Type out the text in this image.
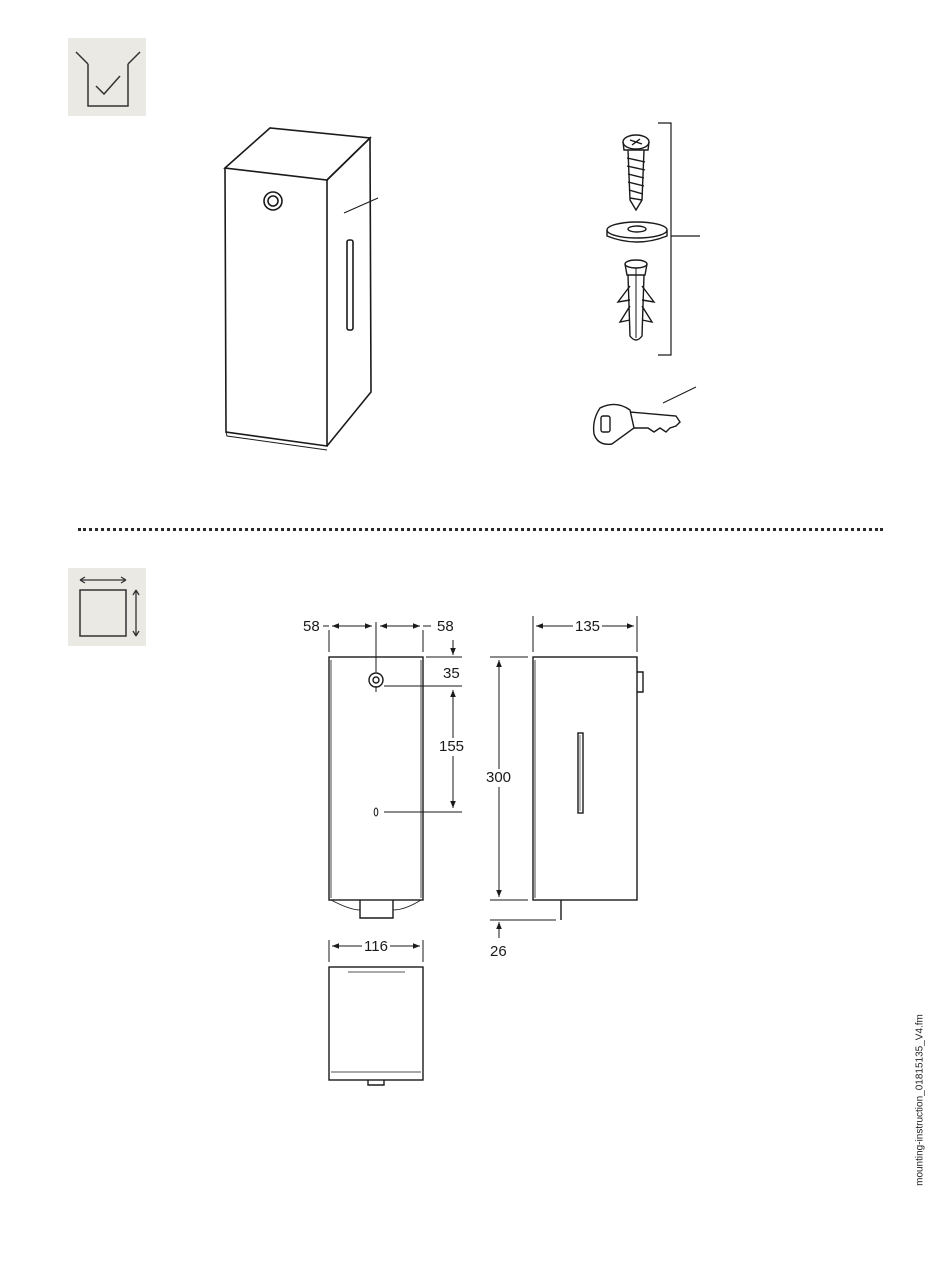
58	58
35
155
300
135
116	26
mounting-instruction_01815135_V4.fm
